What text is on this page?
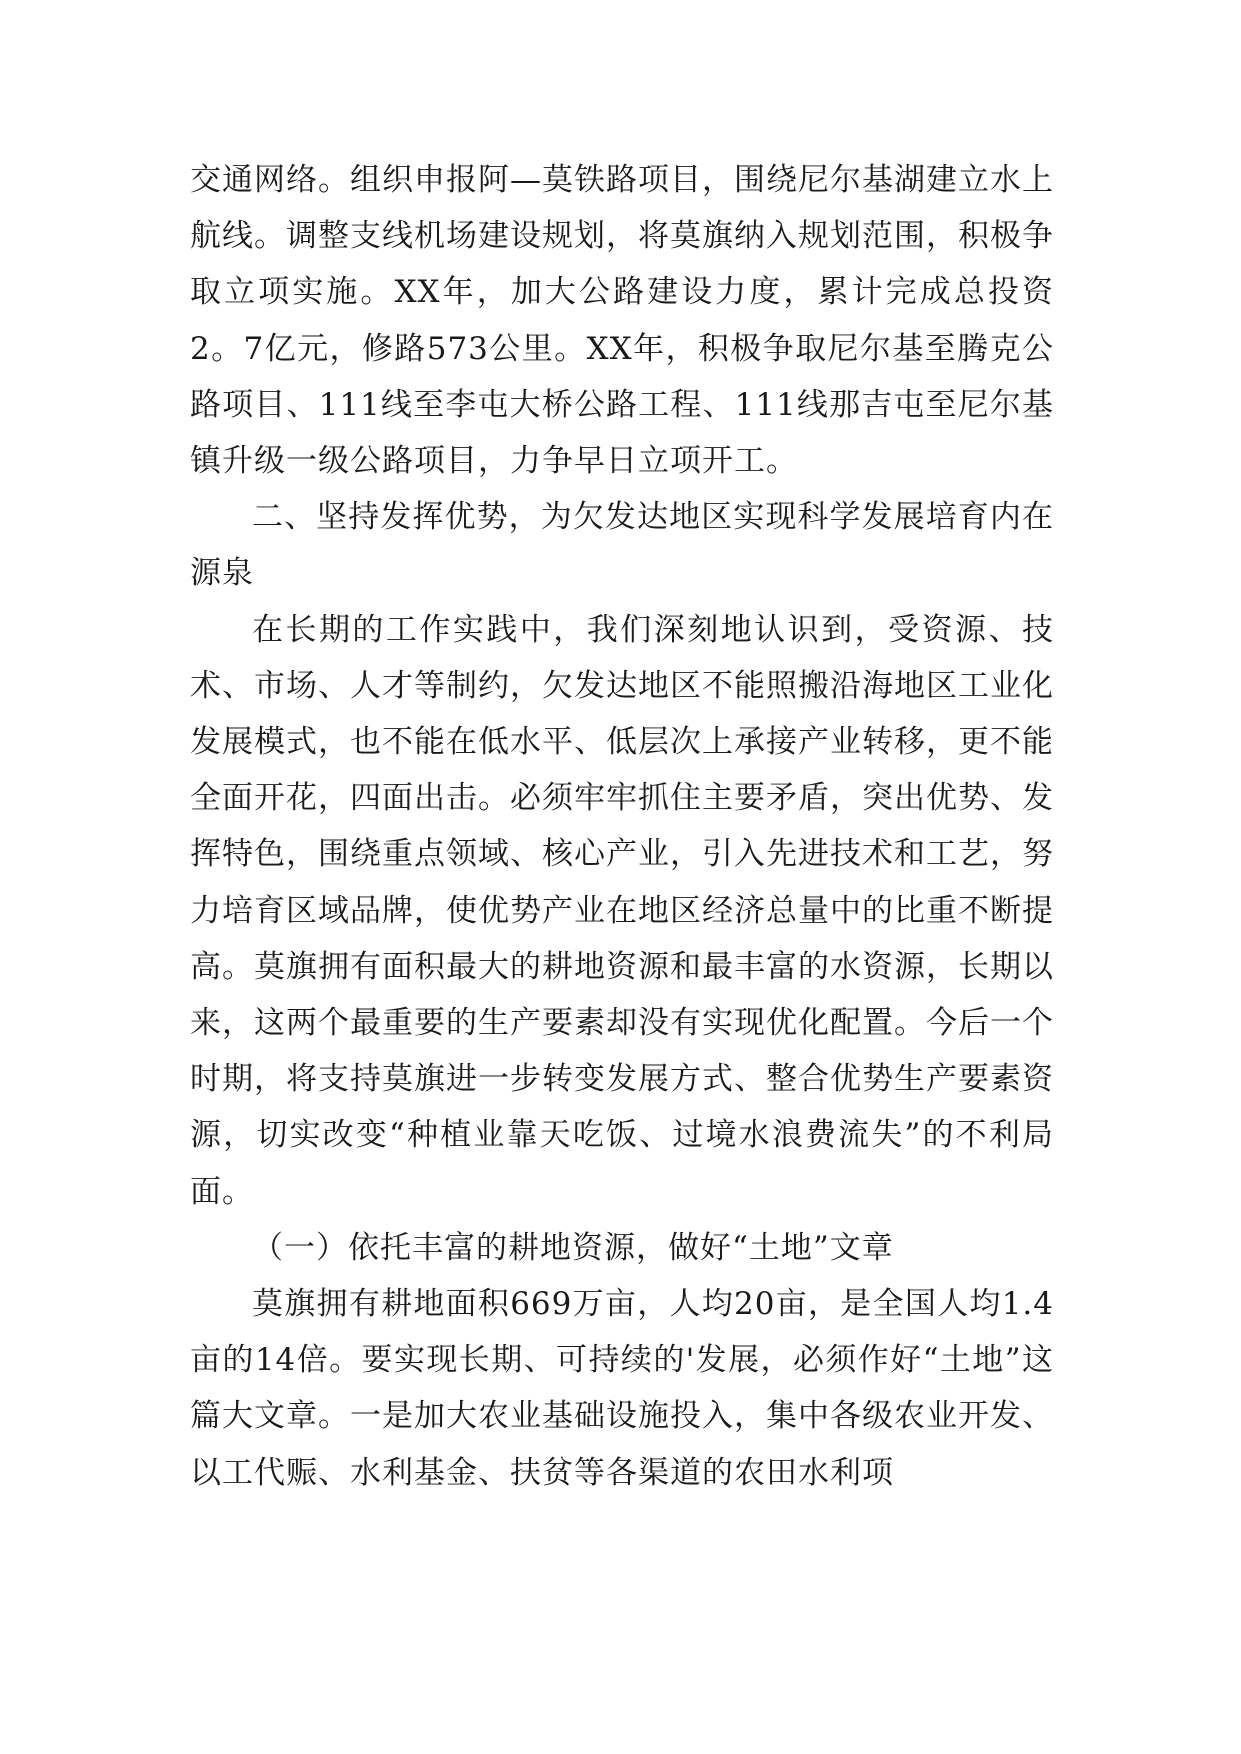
交通网络。组织申报阿—莫铁路项目，围绕尼尔基湖建立水上航线。调整支线机场建设规划，将莫旗纳入规划范围，积极争取立项实施。XX年，加大公路建设力度，累计完成总投资2。7亿元，修路573公里。XX年，积极争取尼尔基至腾克公路项目、111线至李屯大桥公路工程、111线那吉屯至尼尔基镇升级一级公路项目，力争早日立项开工。

二、坚持发挥优势，为欠发达地区实现科学发展培育内在源泉

在长期的工作实践中，我们深刻地认识到，受资源、技术、市场、人才等制约，欠发达地区不能照搬沿海地区工业化发展模式，也不能在低水平、低层次上承接产业转移，更不能全面开花，四面出击。必须牢牢抓住主要矛盾，突出优势、发挥特色，围绕重点领域、核心产业，引入先进技术和工艺，努力培育区域品牌，使优势产业在地区经济总量中的比重不断提高。莫旗拥有面积最大的耕地资源和最丰富的水资源，长期以来，这两个最重要的生产要素却没有实现优化配置。今后一个时期，将支持莫旗进一步转变发展方式、整合优势生产要素资源，切实改变“种植业靠天吃饭、过境水浪费流失”的不利局面。

（一）依托丰富的耕地资源，做好“土地”文章

莫旗拥有耕地面积669万亩，人均20亩，是全国人均1.4亩的14倍。要实现长期、可持续的'发展，必须作好“土地”这篇大文章。一是加大农业基础设施投入，集中各级农业开发、以工代赈、水利基金、扶贫等各渠道的农田水利项
